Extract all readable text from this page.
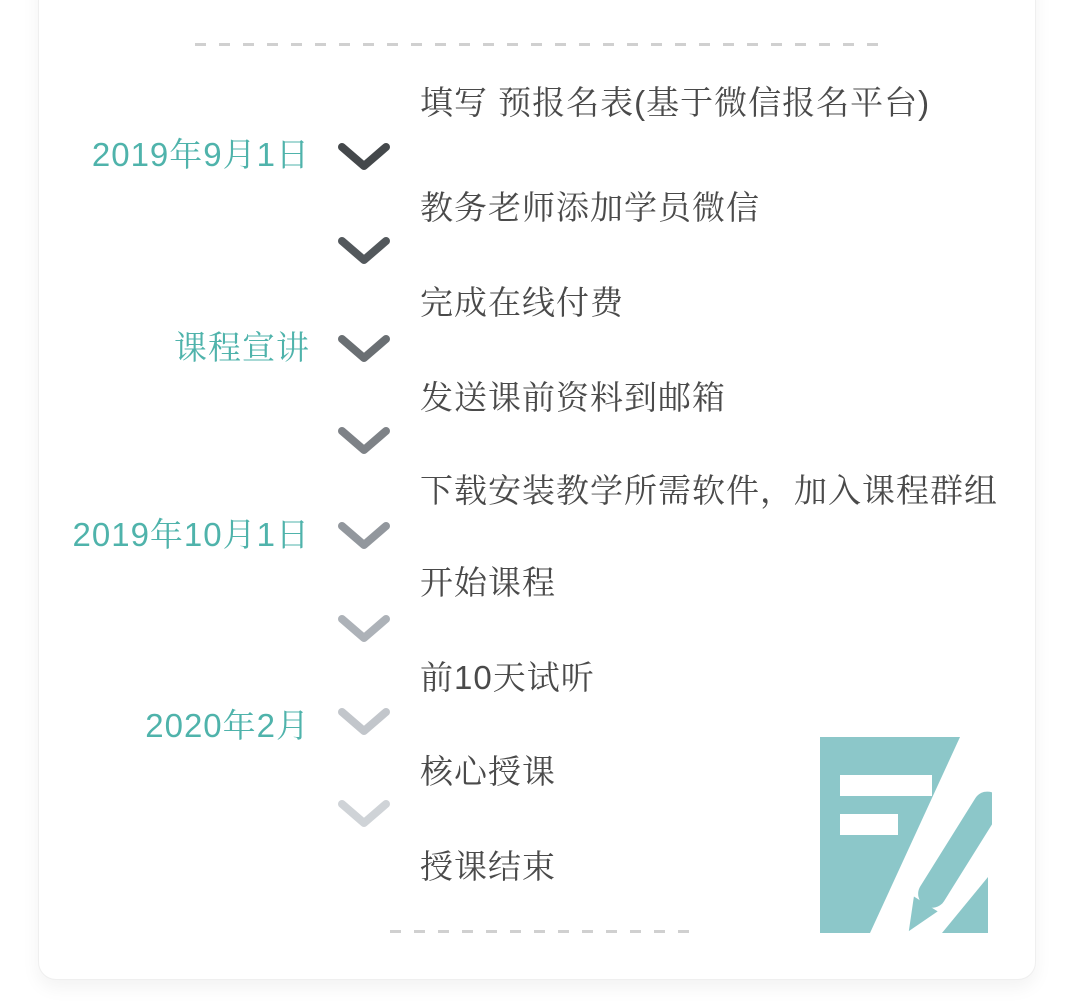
2019年9月1日
课程宣讲
2019年10月1日
2020年2月
填写 预报名表(基于微信报名平台)
教务老师添加学员微信
完成在线付费
发送课前资料到邮箱
下载安装教学所需软件，加入课程群组
开始课程
前10天试听
核心授课
授课结束
